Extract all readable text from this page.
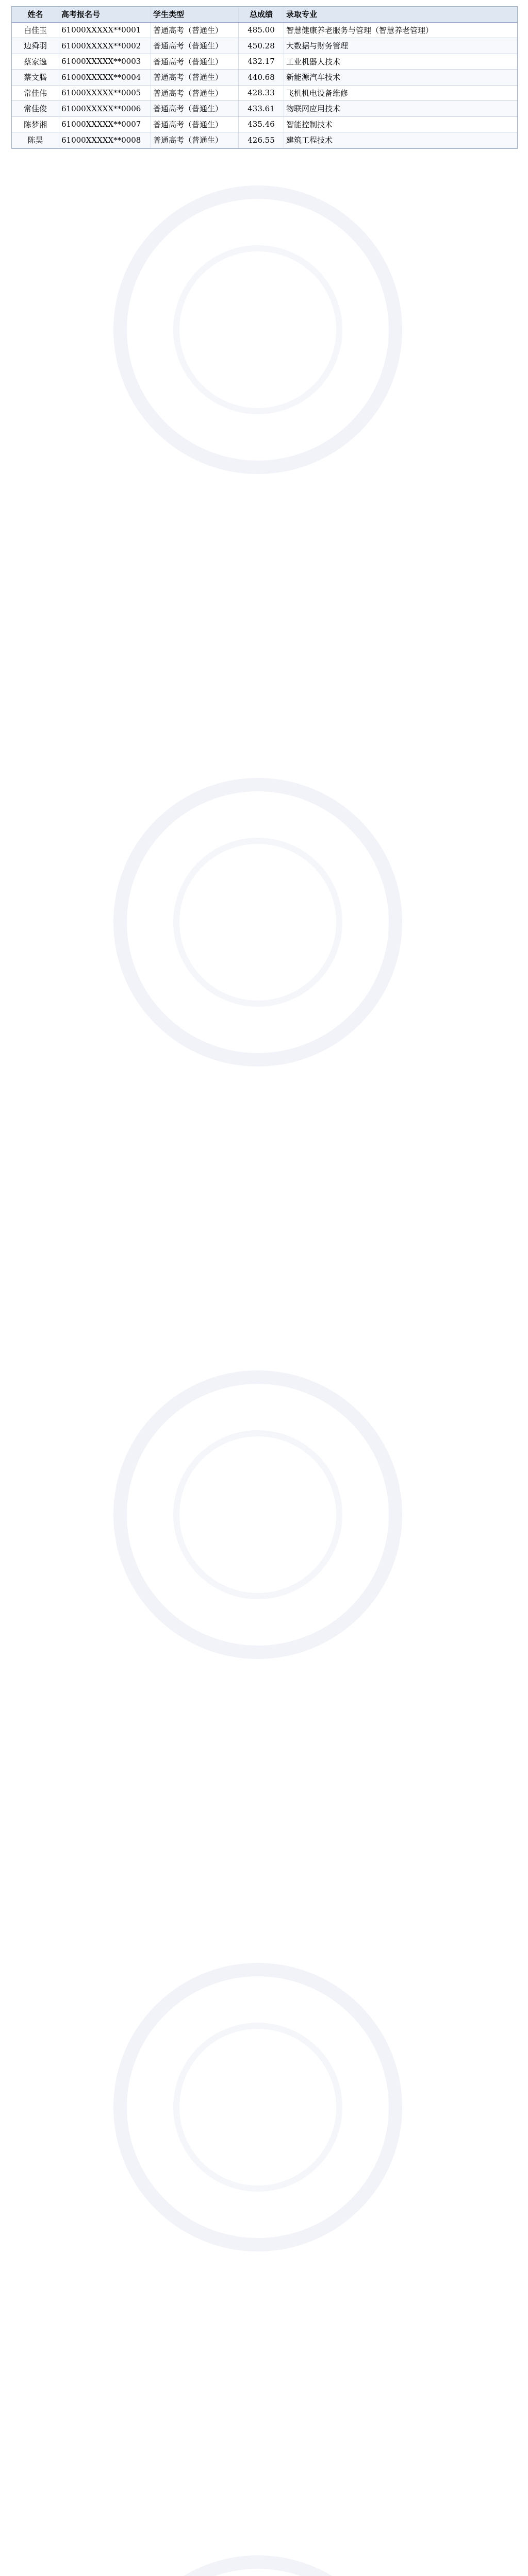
姓名	高考报名号	学生类型	总成绩	录取专业
白佳玉	61000XXXXX**0001	普通高考（普通生）	485.00	智慧健康养老服务与管理（智慧养老管理）
边舜羽	61000XXXXX**0002	普通高考（普通生）	450.28	大数据与财务管理
蔡家逸	61000XXXXX**0003	普通高考（普通生）	432.17	工业机器人技术
蔡文腾	61000XXXXX**0004	普通高考（普通生）	440.68	新能源汽车技术
常佳伟	61000XXXXX**0005	普通高考（普通生）	428.33	飞机机电设备维修
常佳俊	61000XXXXX**0006	普通高考（普通生）	433.61	物联网应用技术
陈梦湘	61000XXXXX**0007	普通高考（普通生）	435.46	智能控制技术
陈昊	61000XXXXX**0008	普通高考（普通生）	426.55	建筑工程技术
